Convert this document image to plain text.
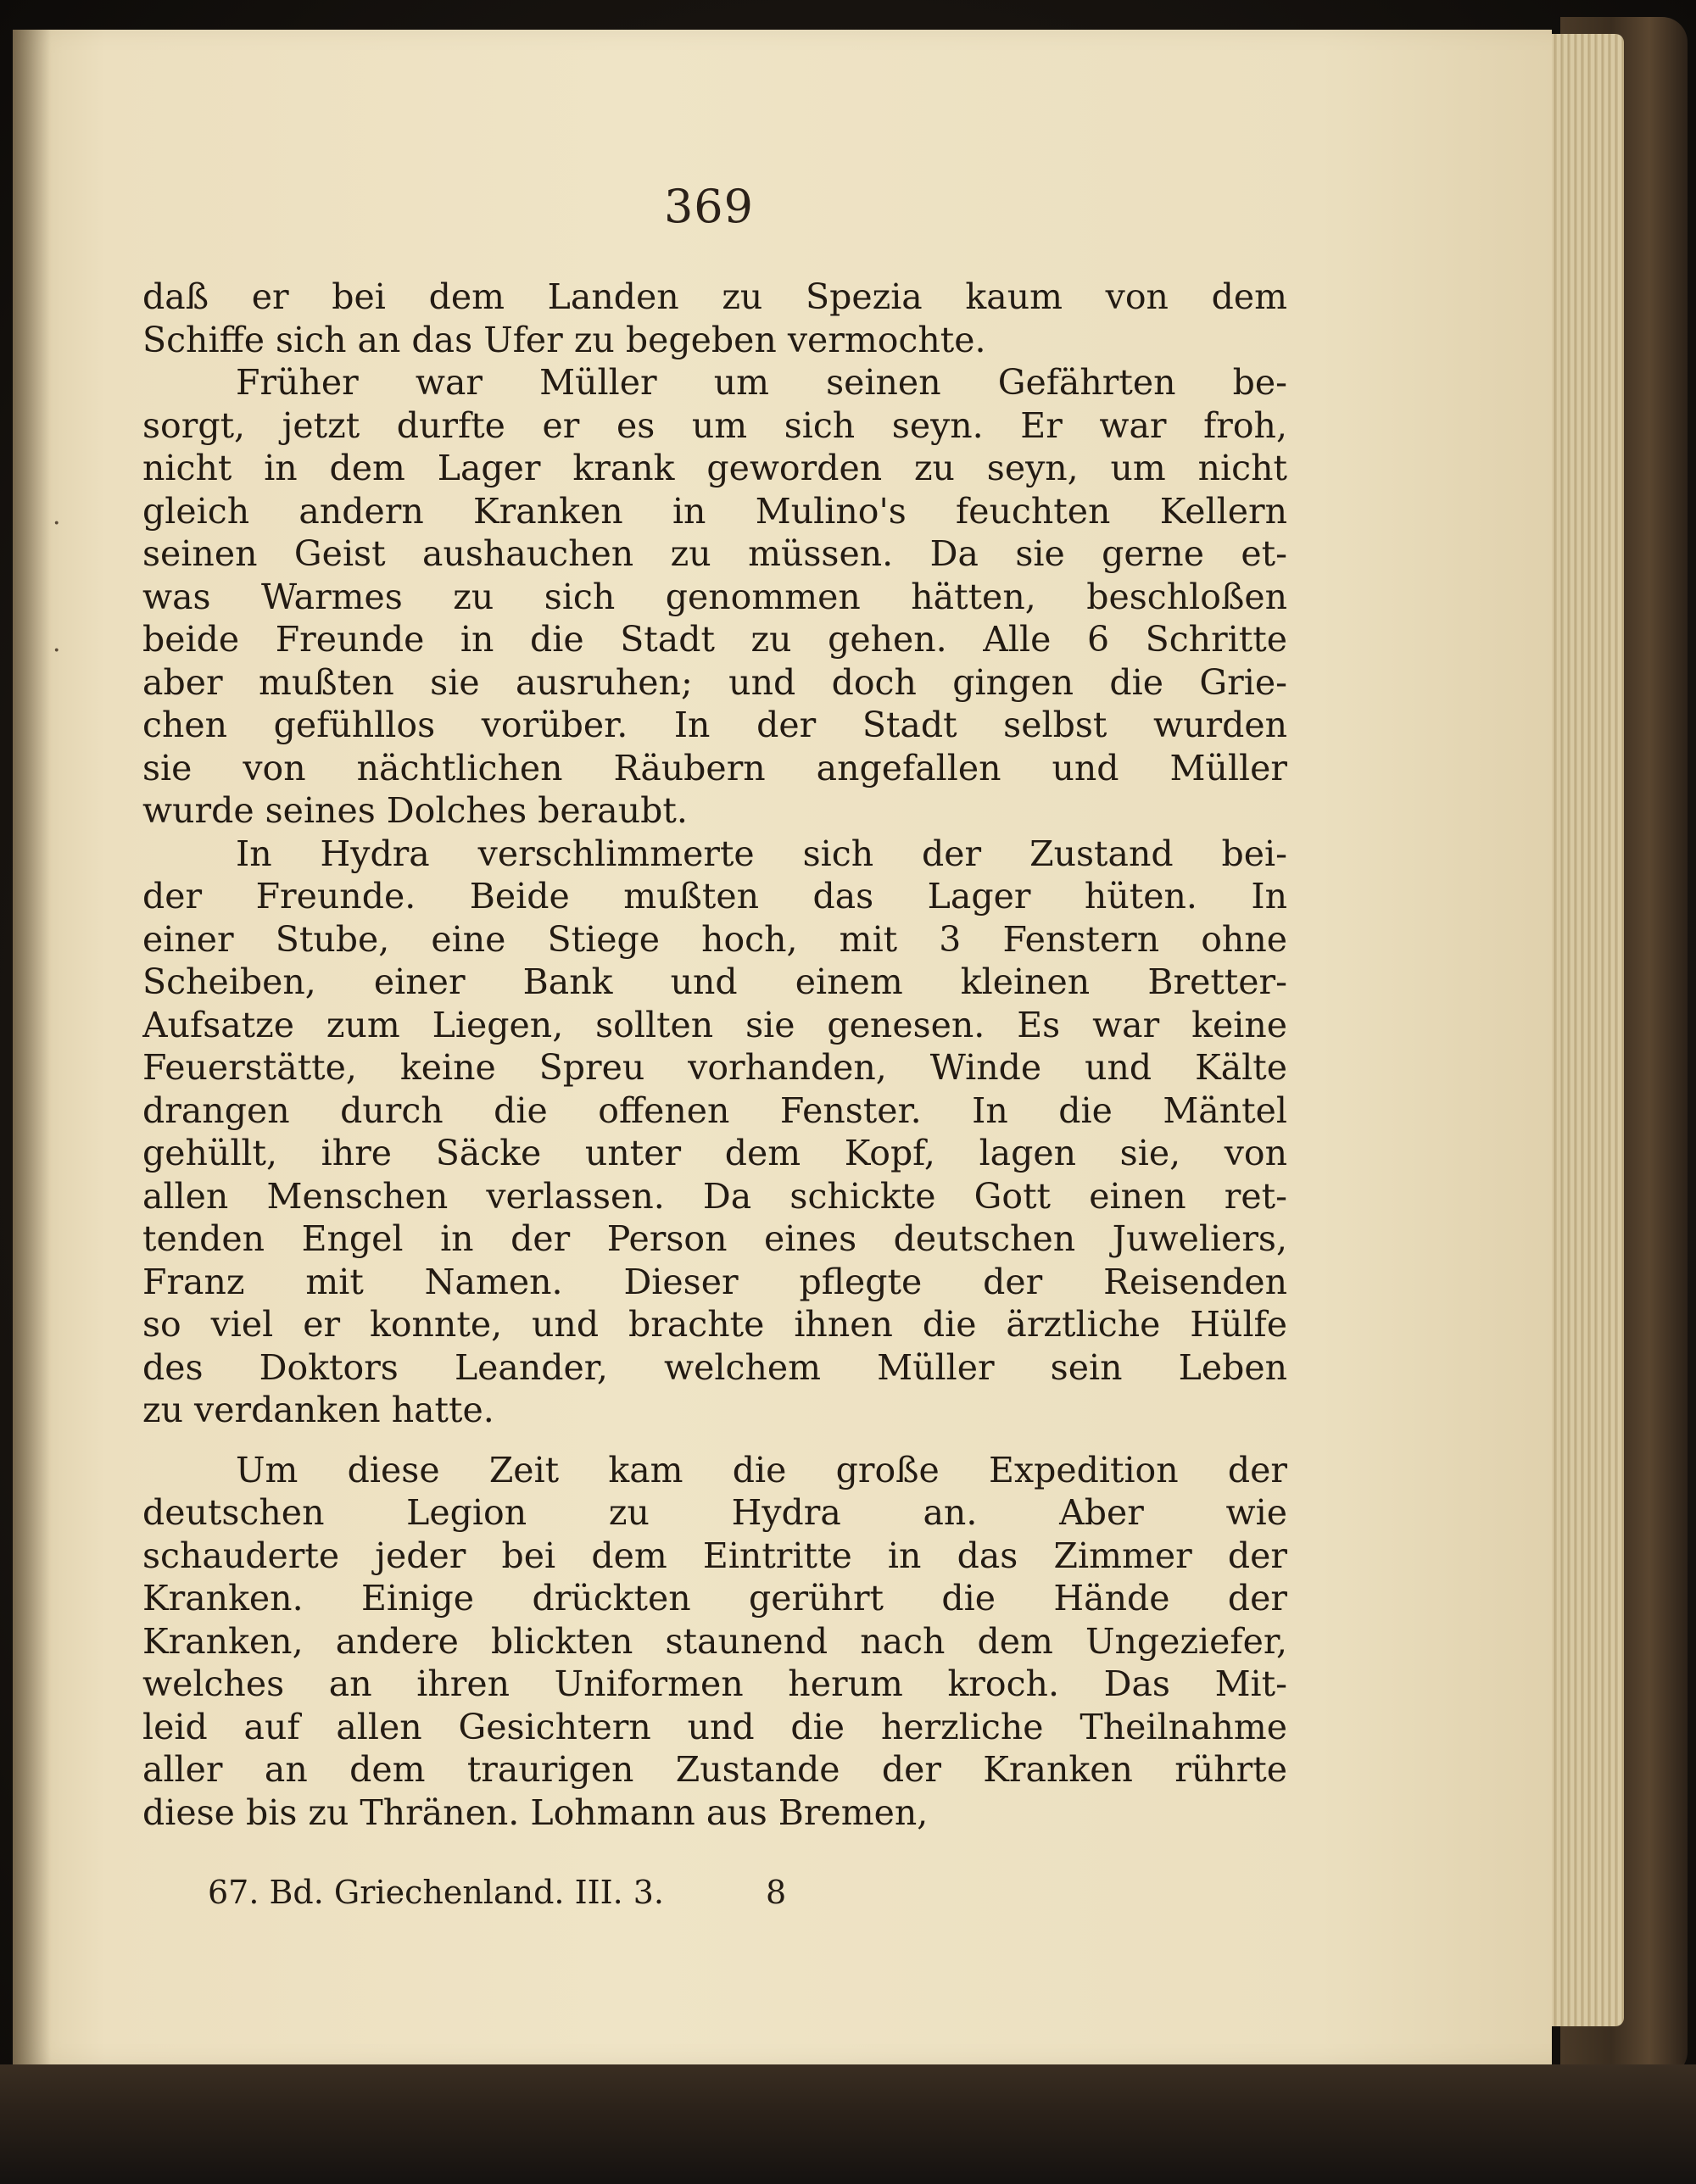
·
·
369
daß er bei dem Landen zu Spezia kaum von dem
Schiffe sich an das Ufer zu begeben vermochte.
Früher war Müller um seinen Gefährten be-
sorgt, jetzt durfte er es um sich seyn. Er war froh,
nicht in dem Lager krank geworden zu seyn, um nicht
gleich andern Kranken in Mulino's feuchten Kellern
seinen Geist aushauchen zu müssen. Da sie gerne et-
was Warmes zu sich genommen hätten, beschloßen
beide Freunde in die Stadt zu gehen. Alle 6 Schritte
aber mußten sie ausruhen; und doch gingen die Grie-
chen gefühllos vorüber. In der Stadt selbst wurden
sie von nächtlichen Räubern angefallen und Müller
wurde seines Dolches beraubt.
In Hydra verschlimmerte sich der Zustand bei-
der Freunde. Beide mußten das Lager hüten. In
einer Stube, eine Stiege hoch, mit 3 Fenstern ohne
Scheiben, einer Bank und einem kleinen Bretter-
Aufsatze zum Liegen, sollten sie genesen. Es war keine
Feuerstätte, keine Spreu vorhanden, Winde und Kälte
drangen durch die offenen Fenster. In die Mäntel
gehüllt, ihre Säcke unter dem Kopf, lagen sie, von
allen Menschen verlassen. Da schickte Gott einen ret-
tenden Engel in der Person eines deutschen Juweliers,
Franz mit Namen. Dieser pflegte der Reisenden
so viel er konnte, und brachte ihnen die ärztliche Hülfe
des Doktors Leander, welchem Müller sein Leben
zu verdanken hatte.
Um diese Zeit kam die große Expedition der
deutschen Legion zu Hydra an. Aber wie
schauderte jeder bei dem Eintritte in das Zimmer der
Kranken. Einige drückten gerührt die Hände der
Kranken, andere blickten staunend nach dem Ungeziefer,
welches an ihren Uniformen herum kroch. Das Mit-
leid auf allen Gesichtern und die herzliche Theilnahme
aller an dem traurigen Zustande der Kranken rührte
diese bis zu Thränen. Lohmann aus Bremen,
67. Bd. Griechenland. III. 3.	8
